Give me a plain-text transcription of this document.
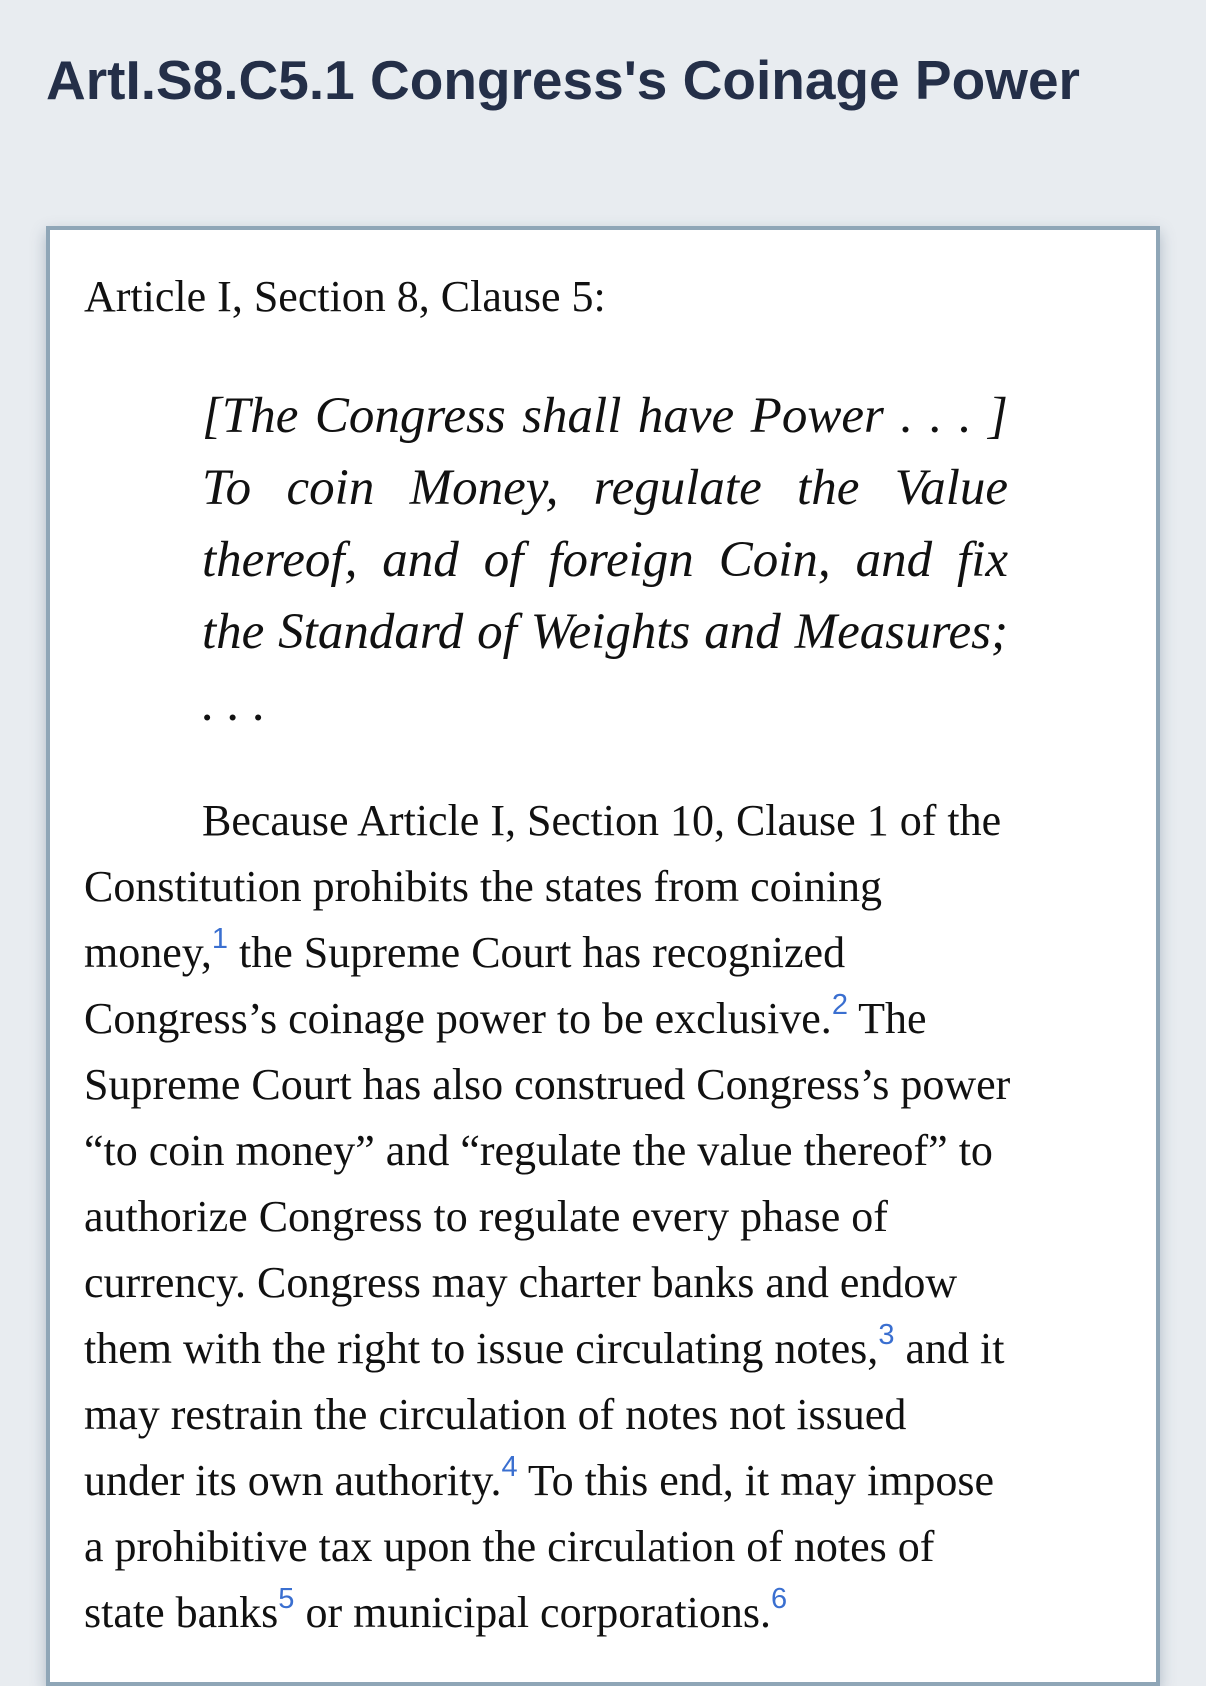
ArtI.S8.C5.1 Congress's Coinage Power

Article I, Section 8, Clause 5:

[The Congress shall have Power . . . ] To coin Money, regulate the Value thereof, and of foreign Coin, and fix the Standard of Weights and Measures; . . .

Because Article I, Section 10, Clause 1 of the
Constitution prohibits the states from coining
money,$^1$ the Supreme Court has recognized
Congress’s coinage power to be exclusive.$^2$ The
Supreme Court has also construed Congress’s power
“to coin money” and “regulate the value thereof” to
authorize Congress to regulate every phase of
currency. Congress may charter banks and endow
them with the right to issue circulating notes,$^3$ and it
may restrain the circulation of notes not issued
under its own authority.$^4$ To this end, it may impose
a prohibitive tax upon the circulation of notes of
state banks$^5$ or municipal corporations.$^6$
